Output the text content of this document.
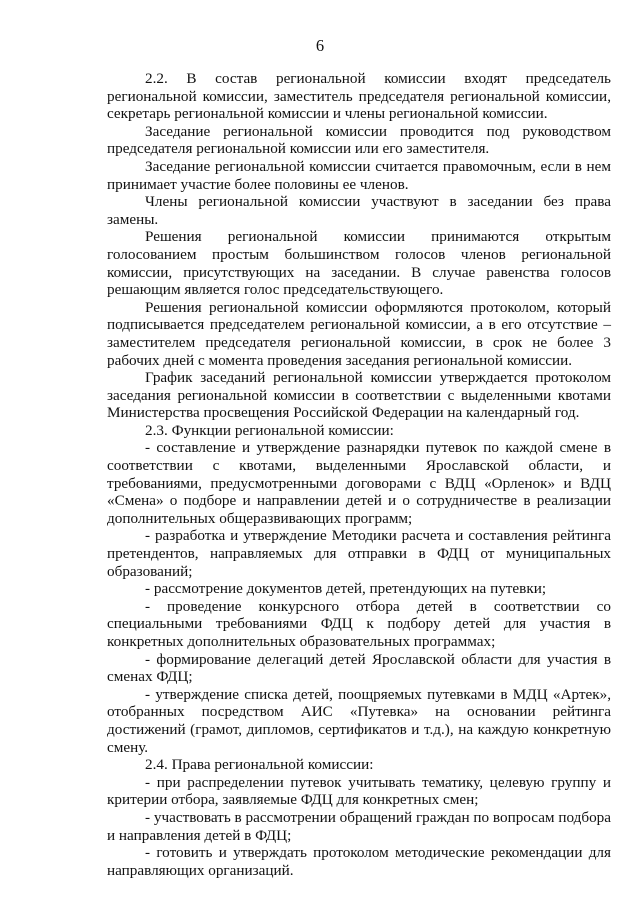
6

2.2. В состав региональной комиссии входят председатель региональной комиссии, заместитель председателя региональной комиссии, секретарь региональной комиссии и члены региональной комиссии.

Заседание региональной комиссии проводится под руководством председателя региональной комиссии или его заместителя.

Заседание региональной комиссии считается правомочным, если в нем принимает участие более половины ее членов.

Члены региональной комиссии участвуют в заседании без права замены.

Решения региональной комиссии принимаются открытым голосованием простым большинством голосов членов региональной комиссии, присутствующих на заседании. В случае равенства голосов решающим является голос председательствующего.

Решения региональной комиссии оформляются протоколом, который подписывается председателем региональной комиссии, а в его отсутствие – заместителем председателя региональной комиссии, в срок не более 3 рабочих дней с момента проведения заседания региональной комиссии.

График заседаний региональной комиссии утверждается протоколом заседания региональной комиссии в соответствии с выделенными квотами Министерства просвещения Российской Федерации на календарный год.

2.3. Функции региональной комиссии:

- составление и утверждение разнарядки путевок по каждой смене в соответствии с квотами, выделенными Ярославской области, и требованиями, предусмотренными договорами с ВДЦ «Орленок» и ВДЦ «Смена» о подборе и направлении детей и о сотрудничестве в реализации дополнительных общеразвивающих программ;

- разработка и утверждение Методики расчета и составления рейтинга претендентов, направляемых для отправки в ФДЦ от муниципальных образований;

- рассмотрение документов детей, претендующих на путевки;

- проведение конкурсного отбора детей в соответствии со специальными требованиями ФДЦ к подбору детей для участия в конкретных дополнительных образовательных программах;

- формирование делегаций детей Ярославской области для участия в сменах ФДЦ;

- утверждение списка детей, поощряемых путевками в МДЦ «Артек», отобранных посредством АИС «Путевка» на основании рейтинга достижений (грамот, дипломов, сертификатов и т.д.), на каждую конкретную смену.

2.4. Права региональной комиссии:

- при распределении путевок учитывать тематику, целевую группу и критерии отбора, заявляемые ФДЦ для конкретных смен;

- участвовать в рассмотрении обращений граждан по вопросам подбора и направления детей в ФДЦ;

- готовить и утверждать протоколом методические рекомендации для направляющих организаций.
